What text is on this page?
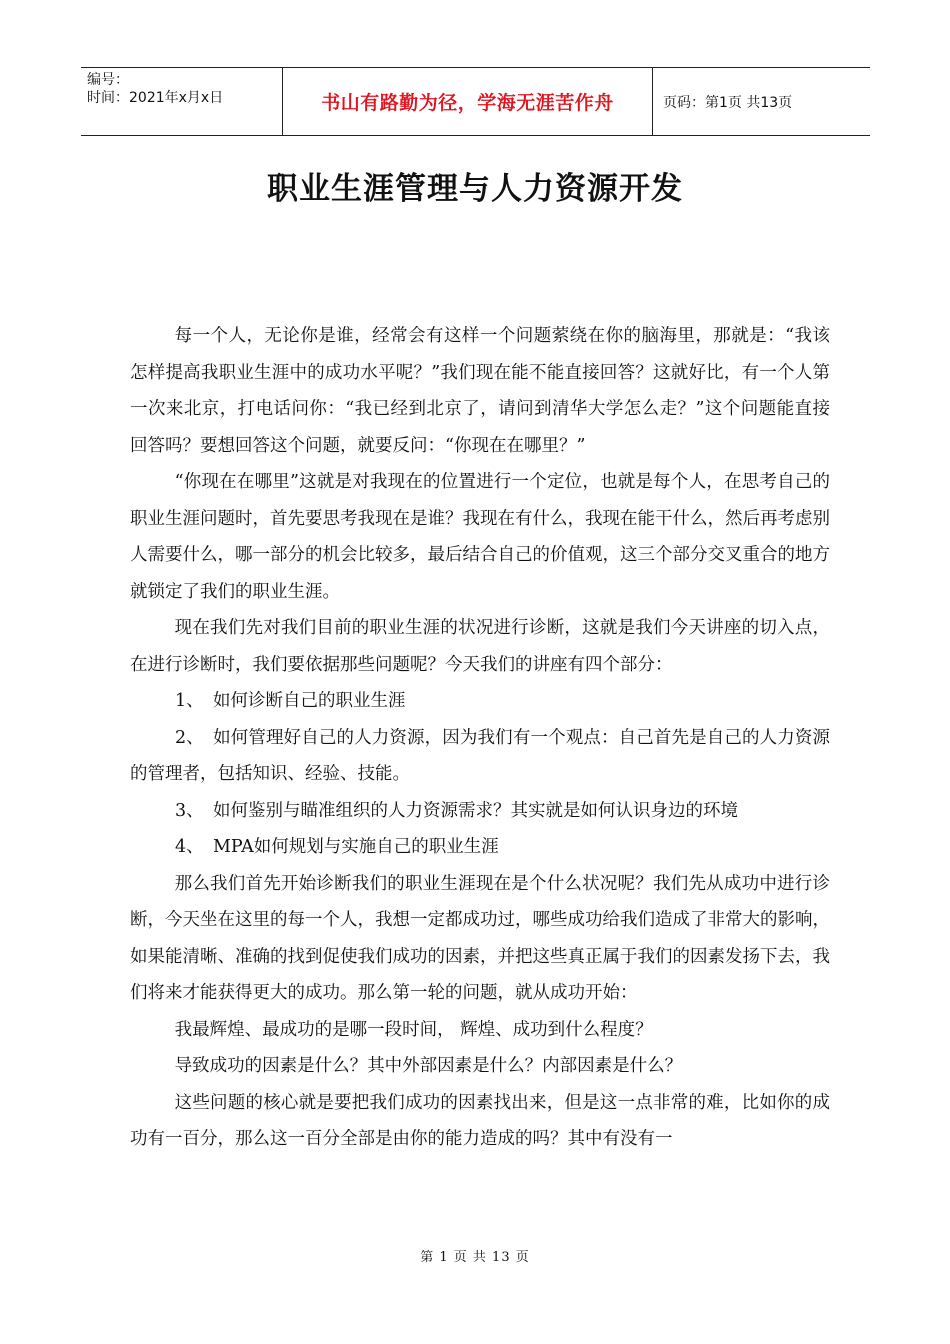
编号：
时间：2021年x月x日	书山有路勤为径，学海无涯苦作舟	页码：第1页 共13页
职业生涯管理与人力资源开发

每一个人，无论你是谁，经常会有这样一个问题萦绕在你的脑海里，那就是：“我该怎样提高我职业生涯中的成功水平呢？”我们现在能不能直接回答？这就好比，有一个人第一次来北京，打电话问你：“我已经到北京了，请问到清华大学怎么走？”这个问题能直接回答吗？要想回答这个问题，就要反问：“你现在在哪里？”

“你现在在哪里”这就是对我现在的位置进行一个定位，也就是每个人，在思考自己的职业生涯问题时，首先要思考我现在是谁？我现在有什么，我现在能干什么，然后再考虑别人需要什么，哪一部分的机会比较多，最后结合自己的价值观，这三个部分交叉重合的地方就锁定了我们的职业生涯。

现在我们先对我们目前的职业生涯的状况进行诊断，这就是我们今天讲座的切入点，在进行诊断时，我们要依据那些问题呢？今天我们的讲座有四个部分：

1、 如何诊断自己的职业生涯

2、 如何管理好自己的人力资源，因为我们有一个观点：自己首先是自己的人力资源的管理者，包括知识、经验、技能。

3、 如何鉴别与瞄准组织的人力资源需求？其实就是如何认识身边的环境

4、 MPA如何规划与实施自己的职业生涯

那么我们首先开始诊断我们的职业生涯现在是个什么状况呢？我们先从成功中进行诊断，今天坐在这里的每一个人，我想一定都成功过，哪些成功给我们造成了非常大的影响，如果能清晰、准确的找到促使我们成功的因素，并把这些真正属于我们的因素发扬下去，我们将来才能获得更大的成功。那么第一轮的问题，就从成功开始：

我最辉煌、最成功的是哪一段时间， 辉煌、成功到什么程度？

导致成功的因素是什么？其中外部因素是什么？内部因素是什么？

这些问题的核心就是要把我们成功的因素找出来，但是这一点非常的难，比如你的成功有一百分，那么这一百分全部是由你的能力造成的吗？其中有没有一

第 1 页 共 13 页
